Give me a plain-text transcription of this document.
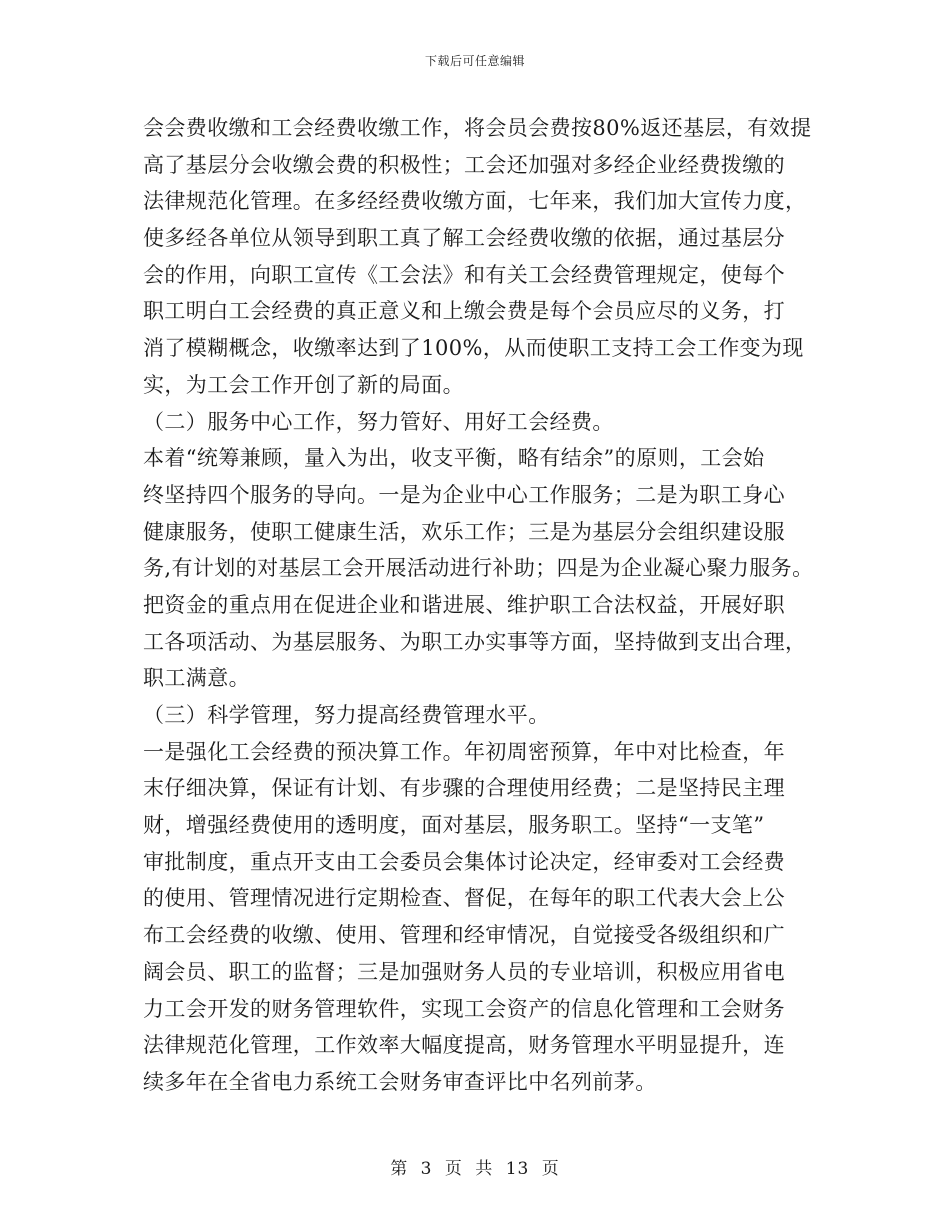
下载后可任意编辑
会会费收缴和工会经费收缴工作，将会员会费按80%返还基层，有效提
高了基层分会收缴会费的积极性；工会还加强对多经企业经费拨缴的
法律规范化管理。在多经经费收缴方面，七年来，我们加大宣传力度，
使多经各单位从领导到职工真了解工会经费收缴的依据，通过基层分
会的作用，向职工宣传《工会法》和有关工会经费管理规定，使每个
职工明白工会经费的真正意义和上缴会费是每个会员应尽的义务，打
消了模糊概念，收缴率达到了100%，从而使职工支持工会工作变为现
实，为工会工作开创了新的局面。
（二）服务中心工作，努力管好、用好工会经费。
本着“统筹兼顾，量入为出，收支平衡，略有结余”的原则，工会始
终坚持四个服务的导向。一是为企业中心工作服务；二是为职工身心
健康服务，使职工健康生活，欢乐工作；三是为基层分会组织建设服
务,有计划的对基层工会开展活动进行补助；四是为企业凝心聚力服务。
把资金的重点用在促进企业和谐进展、维护职工合法权益，开展好职
工各项活动、为基层服务、为职工办实事等方面，坚持做到支出合理，
职工满意。
（三）科学管理，努力提高经费管理水平。
一是强化工会经费的预决算工作。年初周密预算，年中对比检查，年
末仔细决算，保证有计划、有步骤的合理使用经费；二是坚持民主理
财，增强经费使用的透明度，面对基层，服务职工。坚持“一支笔”
审批制度，重点开支由工会委员会集体讨论决定，经审委对工会经费
的使用、管理情况进行定期检查、督促，在每年的职工代表大会上公
布工会经费的收缴、使用、管理和经审情况，自觉接受各级组织和广
阔会员、职工的监督；三是加强财务人员的专业培训，积极应用省电
力工会开发的财务管理软件，实现工会资产的信息化管理和工会财务
法律规范化管理，工作效率大幅度提高，财务管理水平明显提升，连
续多年在全省电力系统工会财务审查评比中名列前茅。
第 3 页 共 13 页
